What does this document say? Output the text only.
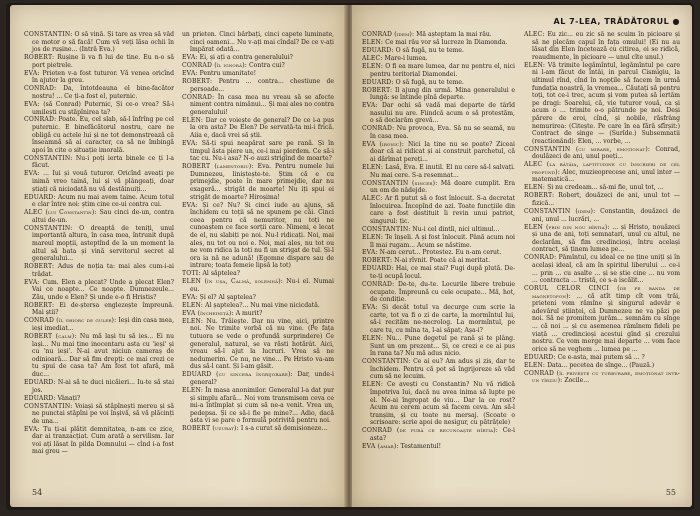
CONSTANTIN: O să vină. Și tare as vrea să văd ce motor o să facă! Cum vă veți lăsa ochii în jos de rușine... (Intră Eva.)

ROBERT: Rușine îi va fi lui de tine. Eu n-o să port pietrele.

EVA: Prieten v-a fost tuturor. Vă venea oricînd în ajutor la greu.

CONRAD: Da, întotdeauna el bine-facător nostru! ... Ce ți-a fost el, puternic.

EVA: (să Conrad) Puternic, Și ce-o vrea? Să-i umilești cu stăpînirea ta?

CONRAD: Poate. Eu, cel slab, să-l înfrîng pe cel puternic. E binefăcătorul nostru, care ne obligă cu actele lui și ne tot demonstrează că înseamnă să ai caracter, ca să ne îmbingă apoi în cite o situație imorală.

CONSTANTIN: Nu-i poți iertа binele ce ți l-a făcut.

EVA: ... Iui și vouă tuturor. Oricînd aveați pe inimă vreo taină, lui și vă plângeați, doar știați că niciodată nu vă destăinuiți...

EDUARD: Acum nu mai avem taine. Acum totul e clar între noi: știm cine ce-ui contra cui.

ALEC (lui Constantin): Sau cinci de-un, contra altui de-un.

CONSTANTIN: O dreaptă de teniți, unul importantă altura, în casa mea, întrunit după mareul mopții, asteptînd de la un moment la altul să bata și vină servitorul secret al generalului...

ROBERT: Adus de noția ta: mai ales cum-i-ai trădat.

EVA: Cum. Elen a plecat? Unde a plecat Elen? Vai ce noapte... Ce noapte. Dumnezeule... Zău, unde e Elen? Și unde e-o fi Hristis?

ROBERT: Ei de-ștersa englezește împreună. Mai știi?

CONRAD (îl ghiorc de guler): Ieși din casa mea, ieși imediat...

ROBERT (calm): Nu mă lași tu să ies... Ei nu lași... Nu mai ține inocentaru asta cu 'ieși' și cu 'nu ieși'. N-ai avut niciun cameraș de odinioară... Dar să fim drepți: ce mai crezi ce tu spui de casa ta? Am fost tot afară, mă duc...

EDUARD: N-ai să te duci nicăieri... Iu-te să stai jos.

EDUARD: Vânați?

CONSTANTIN: Voiași să stăpînești mereu și să ne punctai stăpîni pe voi înșivă, să vă plăcinți de una...

EVA: Tu ți-ai plătit demnitatea, n-am ce zice, dar ai tranzacțiat. Cum arată a servilism. Iar voi ați lăsat în pilda Domnului — cînd i-a fost mai greu —

un prieten. Cinci bărbați, cinci capete luminate, cinci oameni... Nu v-ați mai cîndal? De ce v-ați împărat odată...

EVA: Ei, și ați a contra generalului?

CONRAD (îl ignoră): Contra cui?

EVA: Pentru umanitate!

ROBERT: Pentru ... contra... chestiune de persoade...

CONRAD: În casa mea nu vreau să se afecte niment contra nimănui... Și mai ales no contra generalului!

ELEN: Dar ce voiește de general? De ce i-a pus la ora asta? De Elen? De servată-ta mi-i frică. Aiia e, dacă vrei să știi.

EVA: Să-ți spui neapărat sare pe rană. Și în timpul ăsta piere un, ce-i mai pierdem. Ce să-i tac cu. Nu-i asa? N-o auzi strigînd de moarte?

ROBERT (lamentoriu): Eva. Pentru numele lui Dumnezeu, liniștește-te. Știm că e cu primejdie, poate în mare primejdie, dar nu exageră... strigăt de moarte! Nu iți spui ei strigăt de moarte? Hiroșima!

EVA: Și ce? Nu? Si cinci iude au ajuns, să închidem cu toții să ne spunem pe căi. Cinci ceea pentru că nemuritor, nu toți ne cunoaștem ce face sorții care. Nimeni, e lecat de el, nu slabiți pe noi. Nu-l ridicați. Noi, mai ales, nu tot ou noi e. Noi, mai ales, nu tot ou ne vom ridica la toți nu fi un strigat de tul. Și-l ora ia nă ne adună! (Egomne dispare sau de intrare; toata femeie lipsă la tot)

TOTI: Al săptelea?

ELEN (în ușa, Calmă, solemnă): Nu-i el. Numai eu.

EVA: Și el? Al șaptelea?

ELEN: Al șaptelea?... Nu mai vine nicicdată.

EVA (încheiniță): A murit?

ELEN: Nu. Trăiește. Dar nu vine, aici, printre noi. Ne trimite vorbă că nu vine. (Pe fața tutuora se vede o profundă surprindere) Ce generalul, natural, se va răsti hotărât. Aici, vreau să-l ajut la lucruri. Vrea să ne nedumerim. Ce nu, ne vine... Pe Hristo va-am dus să-l cant. Și l-am găsit.

EDUARD (cu sincera îngrijorare): Dar, unde-i general?

ELEN: În masa anonimilor. Generalul l-a dat pur și simplu afară... Noi vom transmisem ceva ce mi-a întîmplat și cum să ne-a venit. Vrea un, pedepsa. Și ce să-i fie pe mine?... Adio, dacă asta vi se pare o formulă potrivită pentru noi.

ROBERT (uzurat): I s-a curut să demisioneze...

54
AL 7-LEA, TRĂDĂTORUL ●

CONRAD (idem): Mă așteptam la mai rău.

ELEN: Ce mai rău vor să lucreze în Diamonda.

EDUARD: O să fugă, nu te teme.

ALEC: Mare-i lumea.

ELEN: O fi ea mare lumea, dar nu pentru el, nici pentru teritorial Diamondei.

EDUARD: O să fugă, nu te teme.

ROBERT: Il ajung din urmă. Mina generalului e lungă: se întinde pînă departe.

EVA: Dar ochi să vadă mai departe de târîd nasului nu are. Fiindcă acum o să protestăm, o să declarăm grevă...

CONRAD: Nu provoca, Eva. Să nu se seamă, nu în casa mea.

EVA (ironic): Nici la tine nu se poate? Ziceai doar că ai ridicat și ai construit parchetul, că ai dărîmat pereți...

ELEN: Lasă, Eva. E inutil. El nu cere să-l salvați. Nu mai cere. S-a resemnat...

CONSTANTIN (sincer): Mă doare cumplit. Era un om de nădejde.

ALEC: Ar fi putut să o fost înlocuit. S-a decretat înlocuirea. Începînd de azi. Toate funcțiile din care a fost destituit îi revin unui patriot, singurul: țic.

CONSTANTIN: Nu-i cel dintîi, nici ultimul...

ELEN: Te înșeli. A și fost înlocuit. Până acum noi îl mai rugam... Acum se năstime.

EVA: N-am cerut... Protestez. Eu n-am cerut.

ROBERT: N-ai rîvnit. Poate că ai meritat.

EDUARD: Hai, ce mai stai? Fugi după plută. De-te-ți ocupă locul.

CONRAD: De-te, du-te. Locurile libere trebuie ocupate. Împreună cu cele ocupate... Mă, hot, de condiție.

EVA: Și decât totul va decurge cum scrie la carte, tot va fi o zi de carte, la mormîntul lui, să-i recităm ne-necrolog. La mormîntul, pe care tu, cu mîna ta, l-ai săpat; Așa-i?

ELEN: Nu... Pune degetul pe rană și te plâng. Sunt un om prezent... Și, ce crezi e ce ai pus în rana ta? Nu mă adus nicio.

CONSTANTIN: Ce ai eu? Am adus și zis, dar te închidem. Pentru că pot să îngrijoreze să văd cum să ne lecuim.

ELEN: Ce avești cu Constantin? Nu vă ridică împotriva lui, dacă nu avea inima să lupte pe el. Ne-ai îngropat de viu... Dar la ce rost? Acum nu cerem acum să facem ceva. Am să-l tranșim, și cu toate nu mersaj. (Scoate o scrisoare: scrie apoi de nesigur, cu pătrățele)

CONRAD (de pură ce recunoaște hîrtia): Ce-i asta?

EVA (amar): Testamentul!

ALEC: Eu zic... eu zic să ne scuim în picioare și să ne plecăm capul în fața omului! (Ei nu au lăsat din Elen încetează cu citirea, ei se ridică, reaudmente, în picioare — unul cîte unul.)

ELEN: Vă trimite legămîntul, legămîntul pe care ni l-am făcut de întâi, in parcul Cismigiu, la ultimul rînd, cînd în nopțile să facem în urmă fundația noastră, la vremea... Căutați să pentru toți, tot ce-i trec, acum și vom putea să iertăm pe dragi: Soarelui, că, vie tuturor vouă, ca și acum o ... trimite o-o pătrunde pe noi. Deși părere de eroi, cînd, și nobile, răsfrâng nemurirea: (Citește. Pe care în ea fără sfîrșit:) Contract de singe — (Surîde.) Subsemnatii (reactionând): Elen, ... vorbe, ...

CONSTANTIN (cu mirare, emoționat): Conrad, doulăzeci de ani, unul poeți...

ALEC (la bătăia, laptitudine cu înscrieri de cel profund): Alec, muzieoprecese ani, unul inter — matematică...

ELEN: Și nu credeam... să-mi fie, unul tot, ...

ROBERT: Robert, douăzeci de ani, unul tot — fizică...

CONSTANTIN (idem): Constantin, douăzeci de ani, unul ... lucrări, ...

ELEN (prin din nou hîrtia): ... și Hristo, nouăzeci și una de ani, toți semnatari, unul cu altul, ne declarăm, să fim credincioși, întru același contract, să ținem lumea pe...

CONRAD: Pămîntul, cu ideal ce ne ține uniți și în același ideal, că am în spiritul liberului ... ce-i ... prin ... cu asalte ... și se știe cine ... nu vom ... contracta ... tristă, ce s-a iscălit...

CORUL CELOR CINCI (de pe banda de magnetofon): ... că atît timp cît vom trăi, prieteni vom rămîne și singurul adevăr e adevărul științei, că Dumnezeu ne va păzi pe noi. Să ne promitem jurăm... semnăm cu sînge ... că noi ... și cu asemenea rămînem fideli pe viață ... credincioși acestui gînd și crezului nostru. Ce vom merge mai departe ... vom face orice să ne veghem ... lumea pe ...

EDUARD: Ce e-asta, mai putem să ... ?

ELEN: Data... pecetea de sînge... (Pauză.)

CONRAD (îl privește cu turburare, emoționat intr-un tîrziu): Zocile...

55
